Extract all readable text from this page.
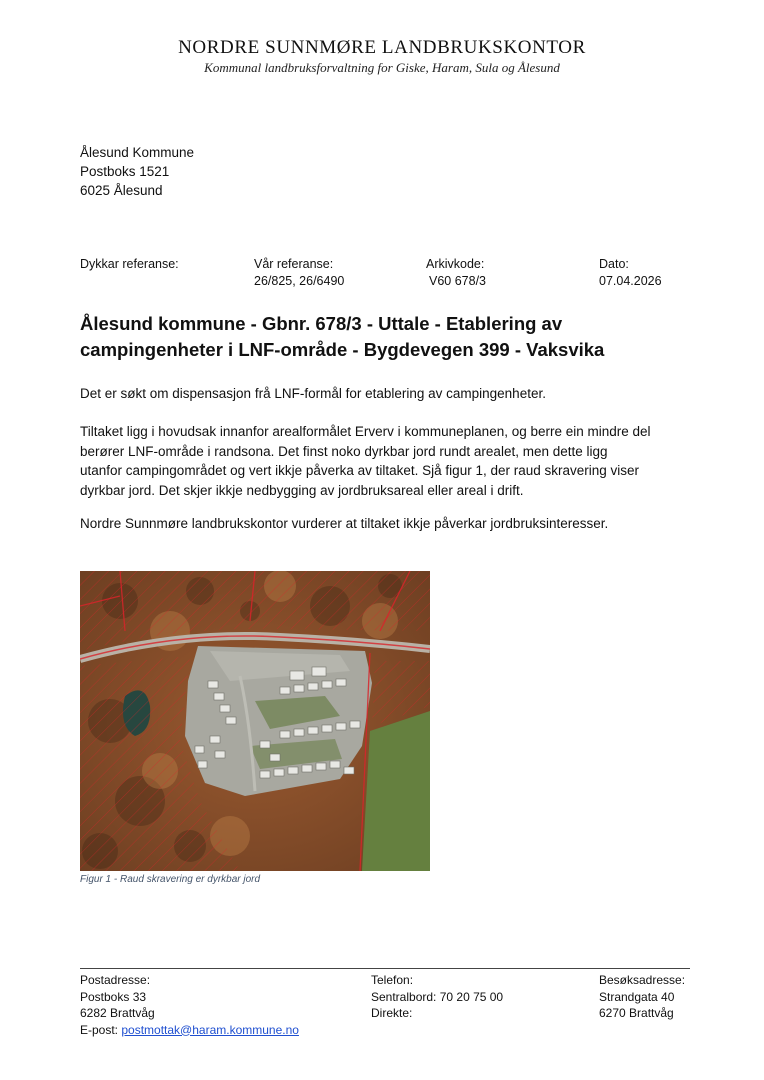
NORDRE SUNNMØRE LANDBRUKSKONTOR
Kommunal landbruksforvaltning for Giske, Haram, Sula og Ålesund
Ålesund Kommune
Postboks 1521
6025 Ålesund
Dykkar referanse:	Vår referanse:
26/825, 26/6490
Arkivkode:
V60 678/3
Dato:
07.04.2026
Ålesund kommune - Gbnr. 678/3 - Uttale - Etablering av
campingenheter i LNF-område - Bygdevegen 399 - Vaksvika
Det er søkt om dispensasjon frå LNF-formål for etablering av campingenheter.
Tiltaket ligg i hovudsak innanfor arealformålet Erverv i kommuneplanen, og berre ein mindre del
berører LNF-område i randsona. Det finst noko dyrkbar jord rundt arealet, men dette ligg
utanfor campingområdet og vert ikkje påverka av tiltaket. Sjå figur 1, der raud skravering viser
dyrkbar jord. Det skjer ikkje nedbygging av jordbruksareal eller areal i drift.
Nordre Sunnmøre landbrukskontor vurderer at tiltaket ikkje påverkar jordbruksinteresser.
Figur 1 - Raud skravering er dyrkbar jord
Postadresse:
Postboks 33
6282 Brattvåg
E-post: postmottak@haram.kommune.no
Telefon:
Sentralbord: 70 20 75 00
Direkte:
Besøksadresse:
Strandgata 40
6270 Brattvåg
